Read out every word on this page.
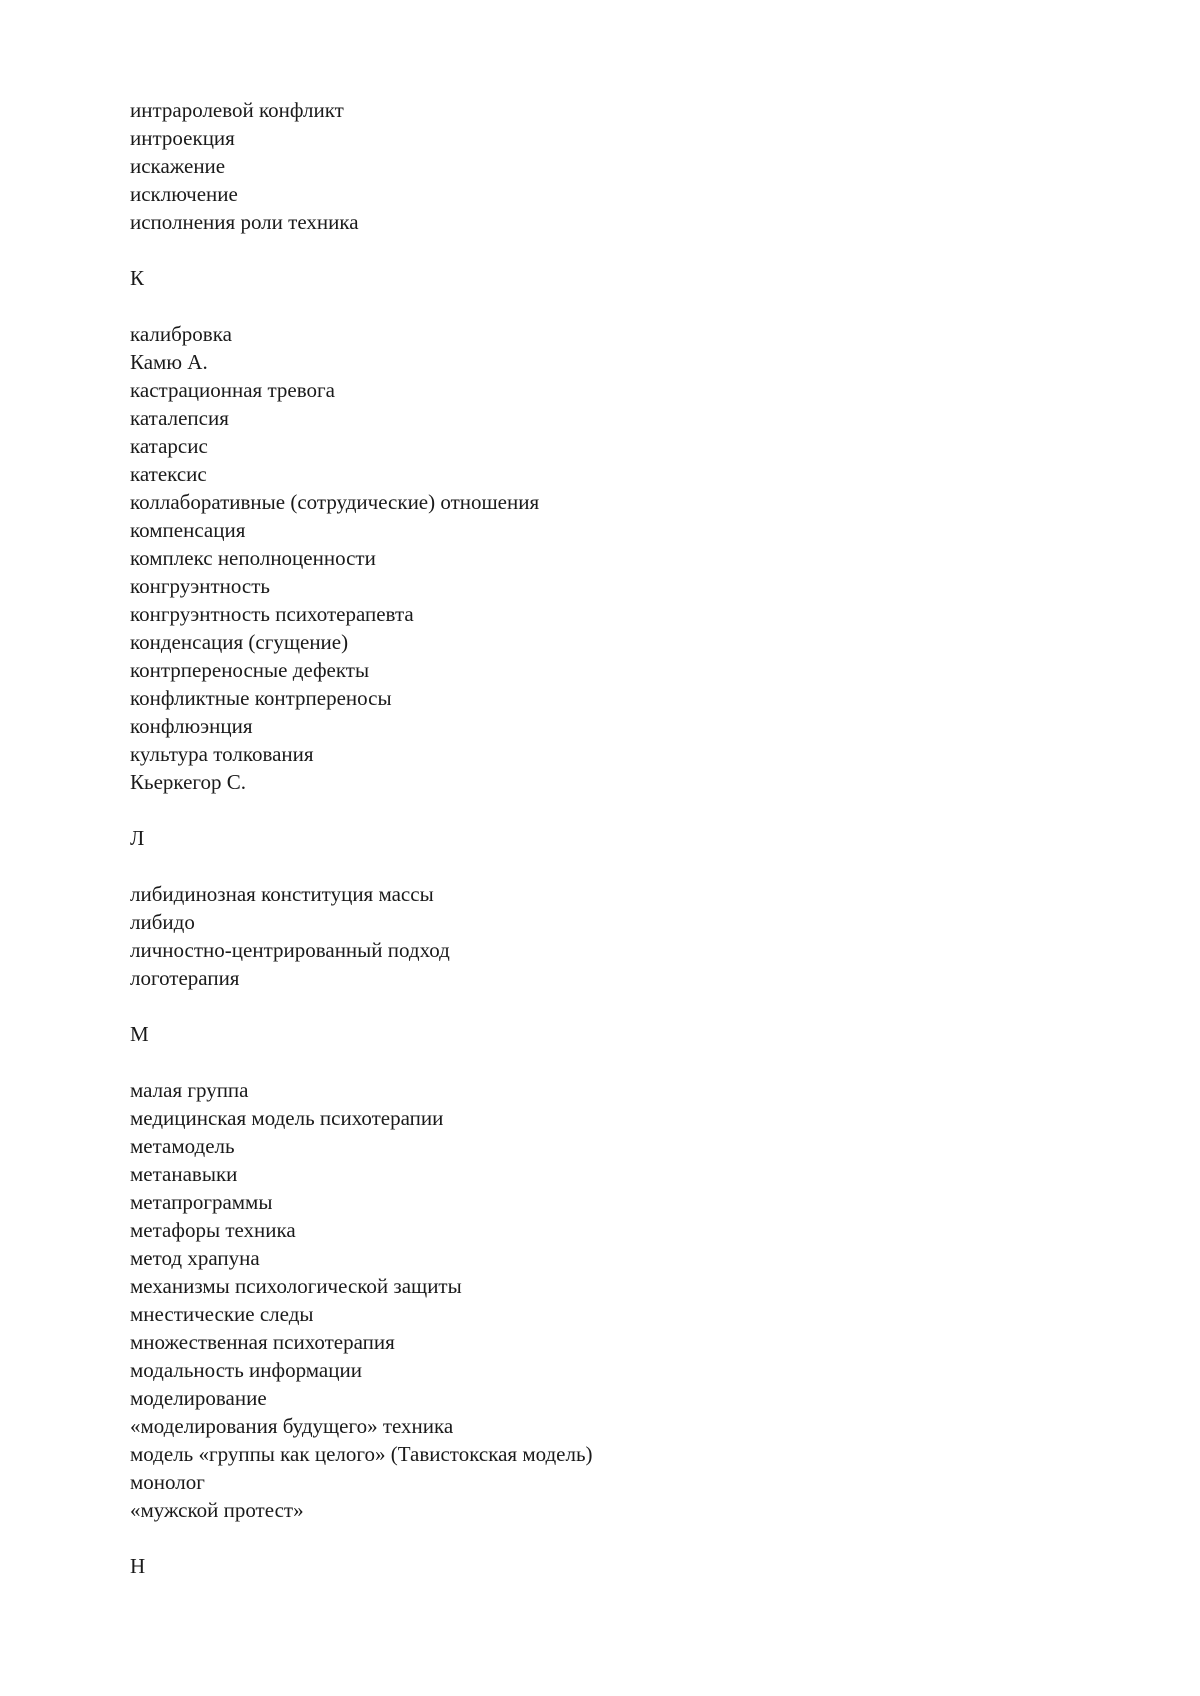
интраролевой конфликт
интроекция
искажение
исключение
исполнения роли техника
К
калибровка
Камю А.
кастрационная тревога
каталепсия
катарсис
катексис
коллаборативные (сотрудические) отношения
компенсация
комплекс неполноценности
конгруэнтность
конгруэнтность психотерапевта
конденсация (сгущение)
контрпереносные дефекты
конфликтные контрпереносы
конфлюэнция
культура толкования
Кьеркегор С.
Л
либидинозная конституция массы
либидо
личностно-центрированный подход
логотерапия
М
малая группа
медицинская модель психотерапии
метамодель
метанавыки
метапрограммы
метафоры техника
метод храпуна
механизмы психологической защиты
мнестические следы
множественная психотерапия
модальность информации
моделирование
«моделирования будущего» техника
модель «группы как целого» (Тавистокская модель)
монолог
«мужской протест»
Н
